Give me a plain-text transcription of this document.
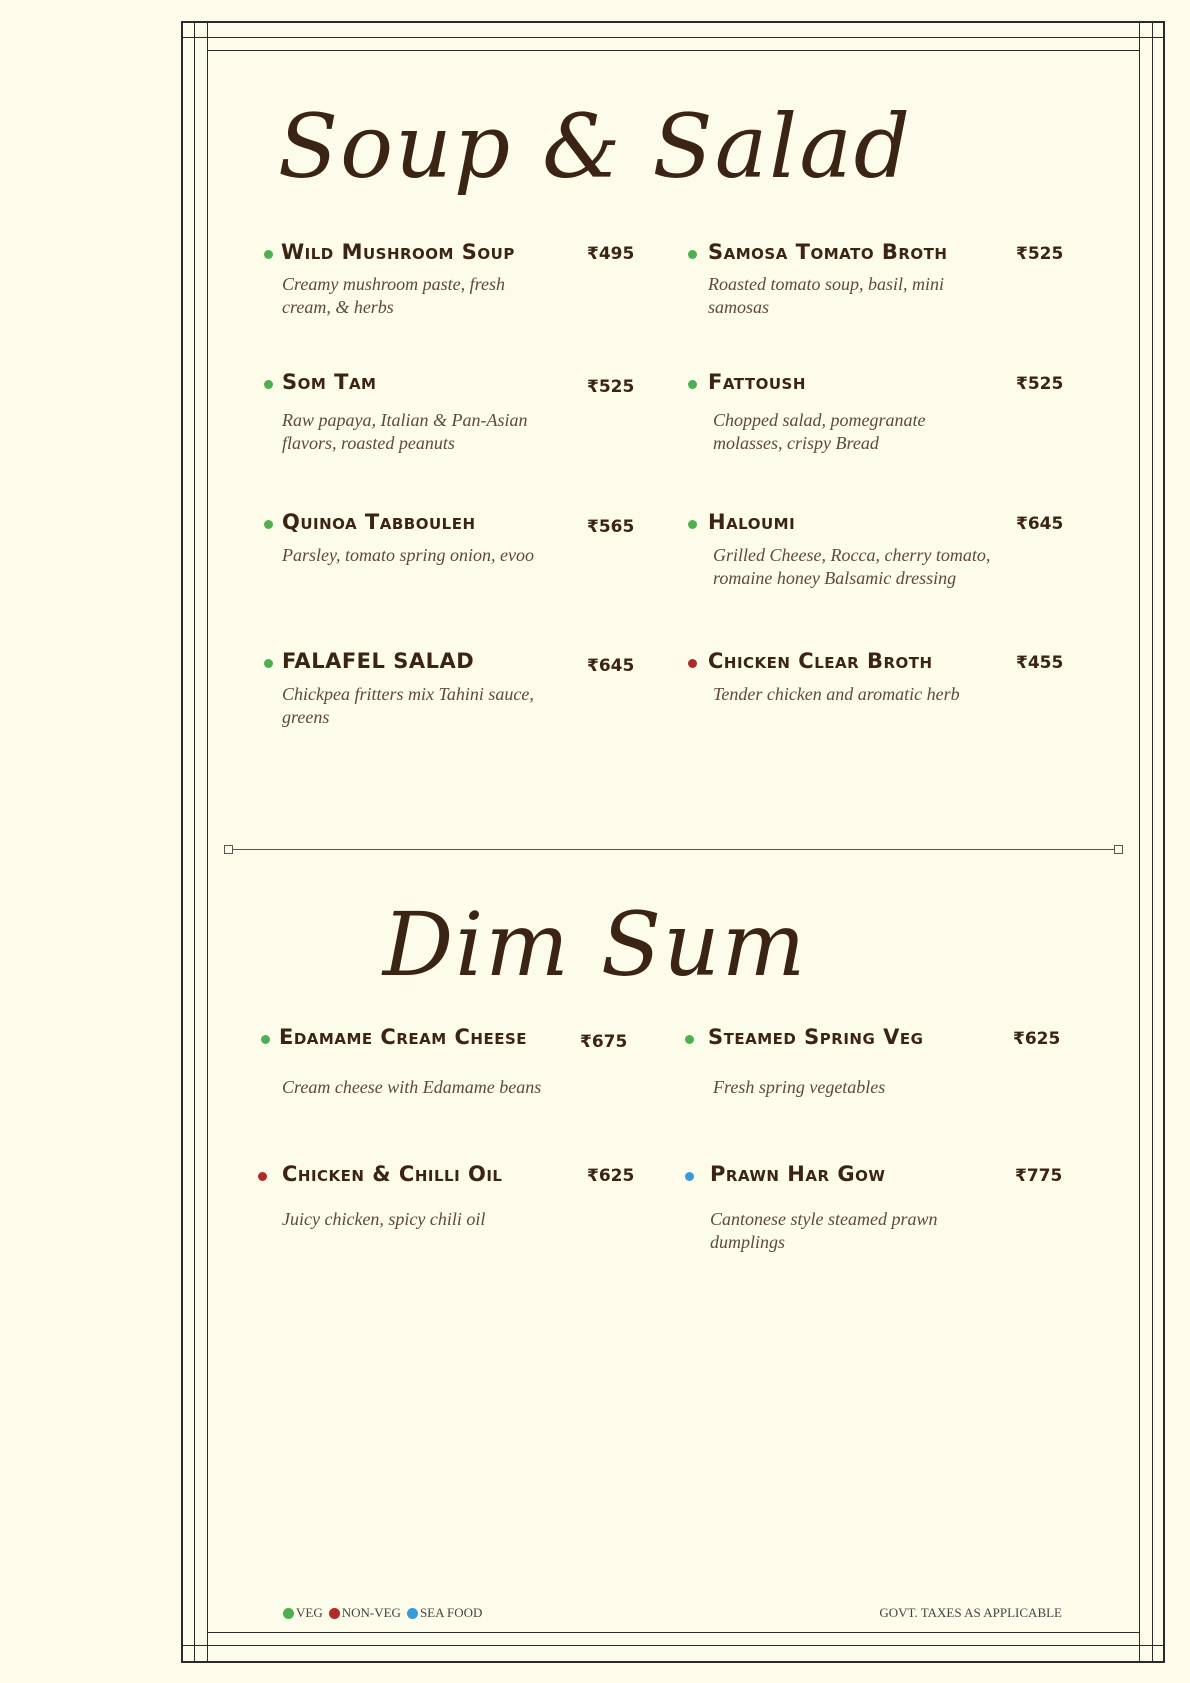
Soup & Salad
Wild Mushroom Soup	₹495
Creamy mushroom paste, fresh cream, & herbs
Samosa Tomato Broth	₹525
Roasted tomato soup, basil, mini samosas
Som Tam	₹525
Raw papaya, Italian & Pan-Asian flavors, roasted peanuts
Fattoush	₹525
Chopped salad, pomegranate molasses, crispy Bread
Quinoa Tabbouleh	₹565
Parsley, tomato spring onion, evoo
Haloumi	₹645
Grilled Cheese, Rocca, cherry tomato, romaine honey Balsamic dressing
FALAFEL SALAD	₹645
Chickpea fritters mix Tahini sauce, greens
Chicken Clear Broth	₹455
Tender chicken and aromatic herb
Dim Sum
Edamame Cream Cheese	₹675
Cream cheese with Edamame beans
Steamed Spring Veg	₹625
Fresh spring vegetables
Chicken & Chilli Oil	₹625
Juicy chicken, spicy chili oil
Prawn Har Gow	₹775
Cantonese style steamed prawn dumplings
VEG NON-VEG SEA FOOD	GOVT. TAXES AS APPLICABLE
